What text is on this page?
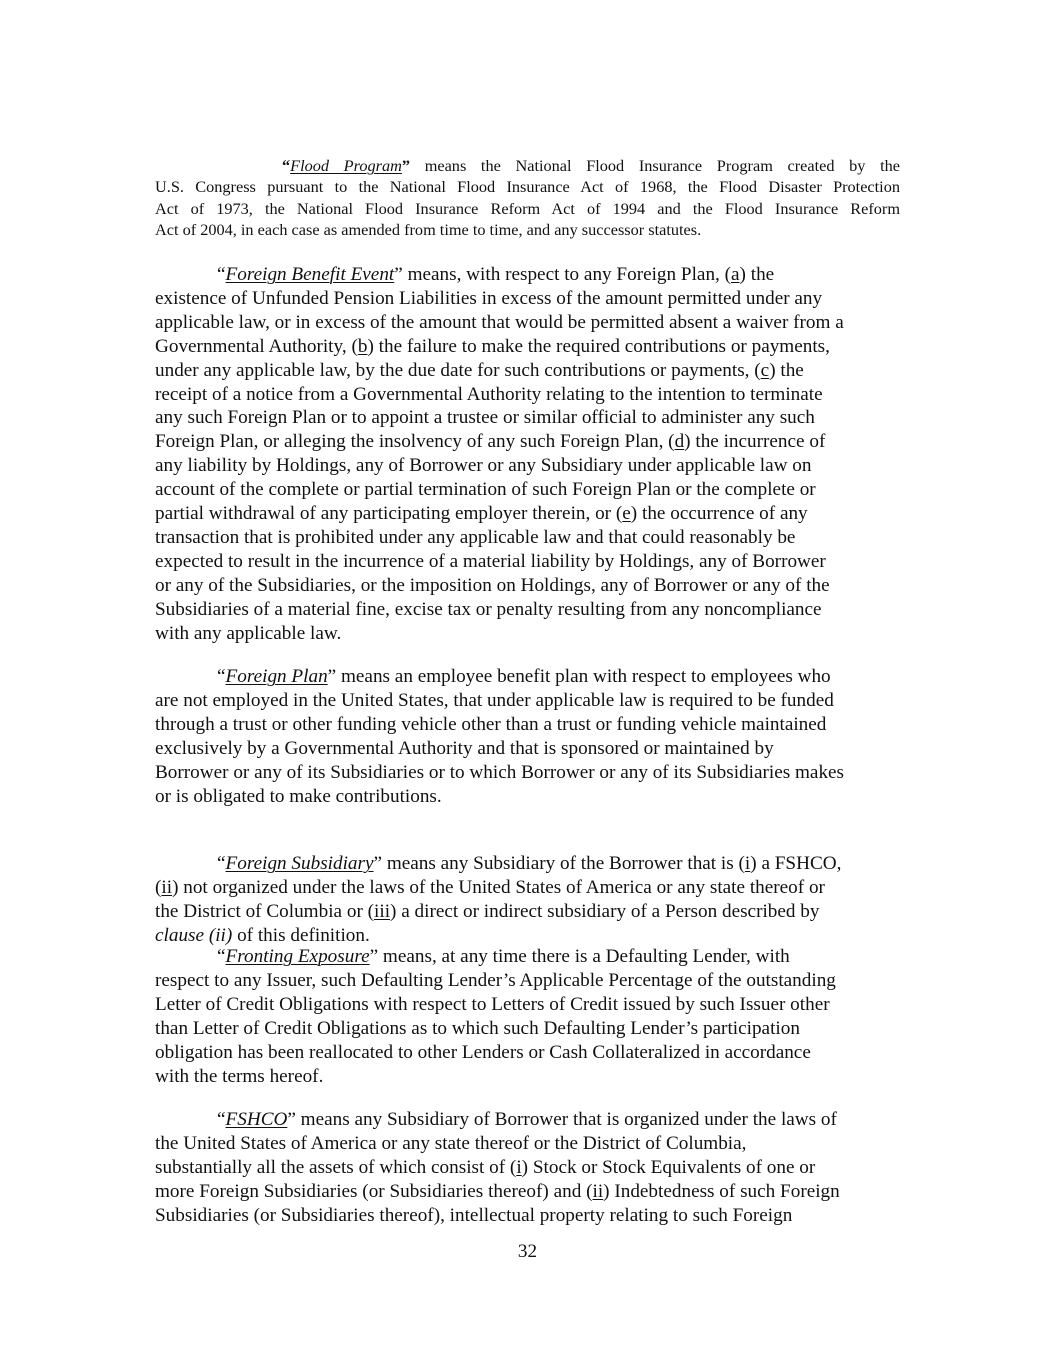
“Flood Program” means the National Flood Insurance Program created by the
U.S. Congress pursuant to the National Flood Insurance Act of 1968, the Flood Disaster Protection
Act of 1973, the National Flood Insurance Reform Act of 1994 and the Flood Insurance Reform
Act of 2004, in each case as amended from time to time, and any successor statutes.
“Foreign Benefit Event” means, with respect to any Foreign Plan, (a) the
existence of Unfunded Pension Liabilities in excess of the amount permitted under any
applicable law, or in excess of the amount that would be permitted absent a waiver from a
Governmental Authority, (b) the failure to make the required contributions or payments,
under any applicable law, by the due date for such contributions or payments, (c) the
receipt of a notice from a Governmental Authority relating to the intention to terminate
any such Foreign Plan or to appoint a trustee or similar official to administer any such
Foreign Plan, or alleging the insolvency of any such Foreign Plan, (d) the incurrence of
any liability by Holdings, any of Borrower or any Subsidiary under applicable law on
account of the complete or partial termination of such Foreign Plan or the complete or
partial withdrawal of any participating employer therein, or (e) the occurrence of any
transaction that is prohibited under any applicable law and that could reasonably be
expected to result in the incurrence of a material liability by Holdings, any of Borrower
or any of the Subsidiaries, or the imposition on Holdings, any of Borrower or any of the
Subsidiaries of a material fine, excise tax or penalty resulting from any noncompliance
with any applicable law.
“Foreign Plan” means an employee benefit plan with respect to employees who
are not employed in the United States, that under applicable law is required to be funded
through a trust or other funding vehicle other than a trust or funding vehicle maintained
exclusively by a Governmental Authority and that is sponsored or maintained by
Borrower or any of its Subsidiaries or to which Borrower or any of its Subsidiaries makes
or is obligated to make contributions.
“Foreign Subsidiary” means any Subsidiary of the Borrower that is (i) a FSHCO,
(ii) not organized under the laws of the United States of America or any state thereof or
the District of Columbia or (iii) a direct or indirect subsidiary of a Person described by
clause (ii) of this definition.
“Fronting Exposure” means, at any time there is a Defaulting Lender, with
respect to any Issuer, such Defaulting Lender’s Applicable Percentage of the outstanding
Letter of Credit Obligations with respect to Letters of Credit issued by such Issuer other
than Letter of Credit Obligations as to which such Defaulting Lender’s participation
obligation has been reallocated to other Lenders or Cash Collateralized in accordance
with the terms hereof.
“FSHCO” means any Subsidiary of Borrower that is organized under the laws of
the United States of America or any state thereof or the District of Columbia,
substantially all the assets of which consist of (i) Stock or Stock Equivalents of one or
more Foreign Subsidiaries (or Subsidiaries thereof) and (ii) Indebtedness of such Foreign
Subsidiaries (or Subsidiaries thereof), intellectual property relating to such Foreign
32
